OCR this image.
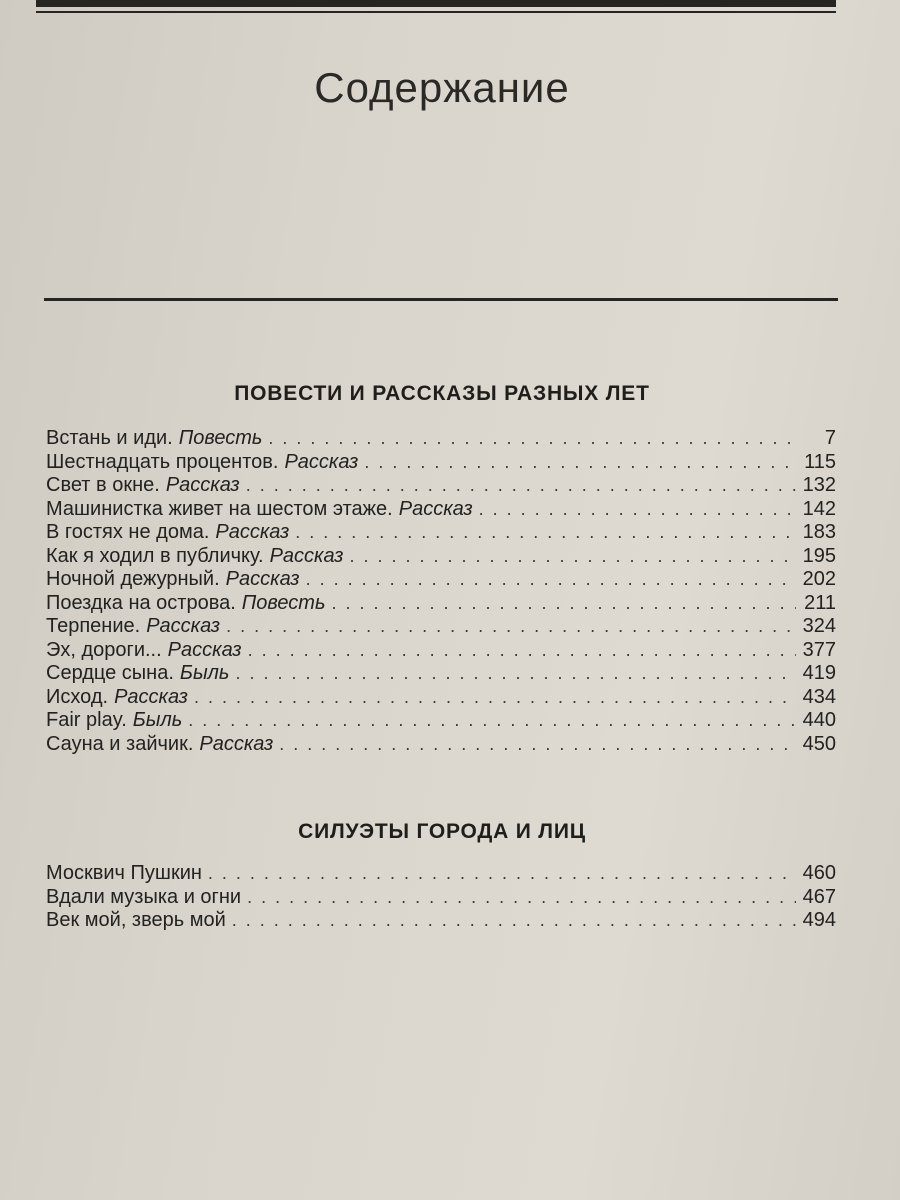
Содержание
ПОВЕСТИ И РАССКАЗЫ РАЗНЫХ ЛЕТ
Встань и иди. Повесть . . .	7
Шестнадцать процентов. Рассказ . . .	115
Свет в окне. Рассказ . . .	132
Машинистка живет на шестом этаже. Рассказ . . .	142
В гостях не дома. Рассказ . . .	183
Как я ходил в публичку. Рассказ . . .	195
Ночной дежурный. Рассказ . . .	202
Поездка на острова. Повесть . . .	211
Терпение. Рассказ . . .	324
Эх, дороги... Рассказ . . .	377
Сердце сына. Быль . . .	419
Исход. Рассказ . . .	434
Fair play. Быль . . .	440
Сауна и зайчик. Рассказ . . .	450
СИЛУЭТЫ ГОРОДА И ЛИЦ
Москвич Пушкин . . .	460
Вдали музыка и огни . . .	467
Век мой, зверь мой . . .	494
